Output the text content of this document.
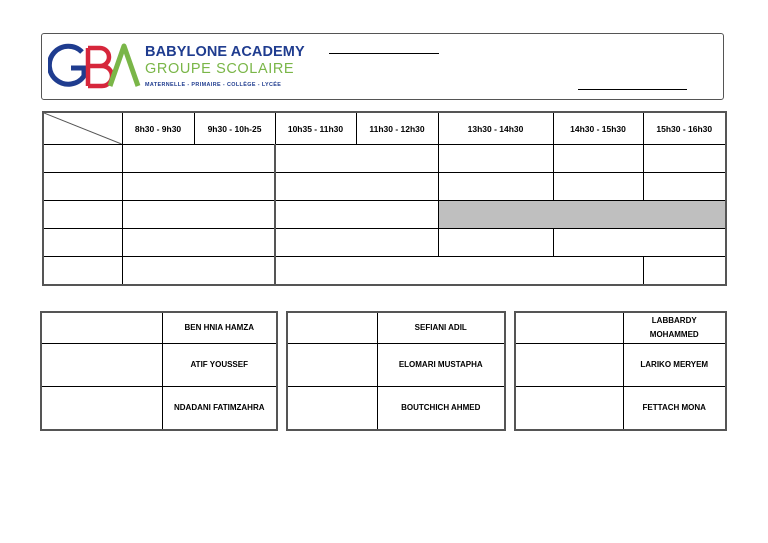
BABYLONE ACADEMY
GROUPE SCOLAIRE
MATERNELLE - PRIMAIRE - COLLÈGE - LYCÉE
	8h30 - 9h30	9h30 - 10h-25	10h35 - 11h30	11h30 - 12h30	13h30 - 14h30	14h30 - 15h30	15h30 - 16h30

	BEN HNIA HAMZA
	ATIF YOUSSEF
	NDADANI FATIMZAHRA
	SEFIANI ADIL
	ELOMARI MUSTAPHA
	BOUTCHICH AHMED
	LABBARDY MOHAMMED
	LARIKO MERYEM
	FETTACH MONA
